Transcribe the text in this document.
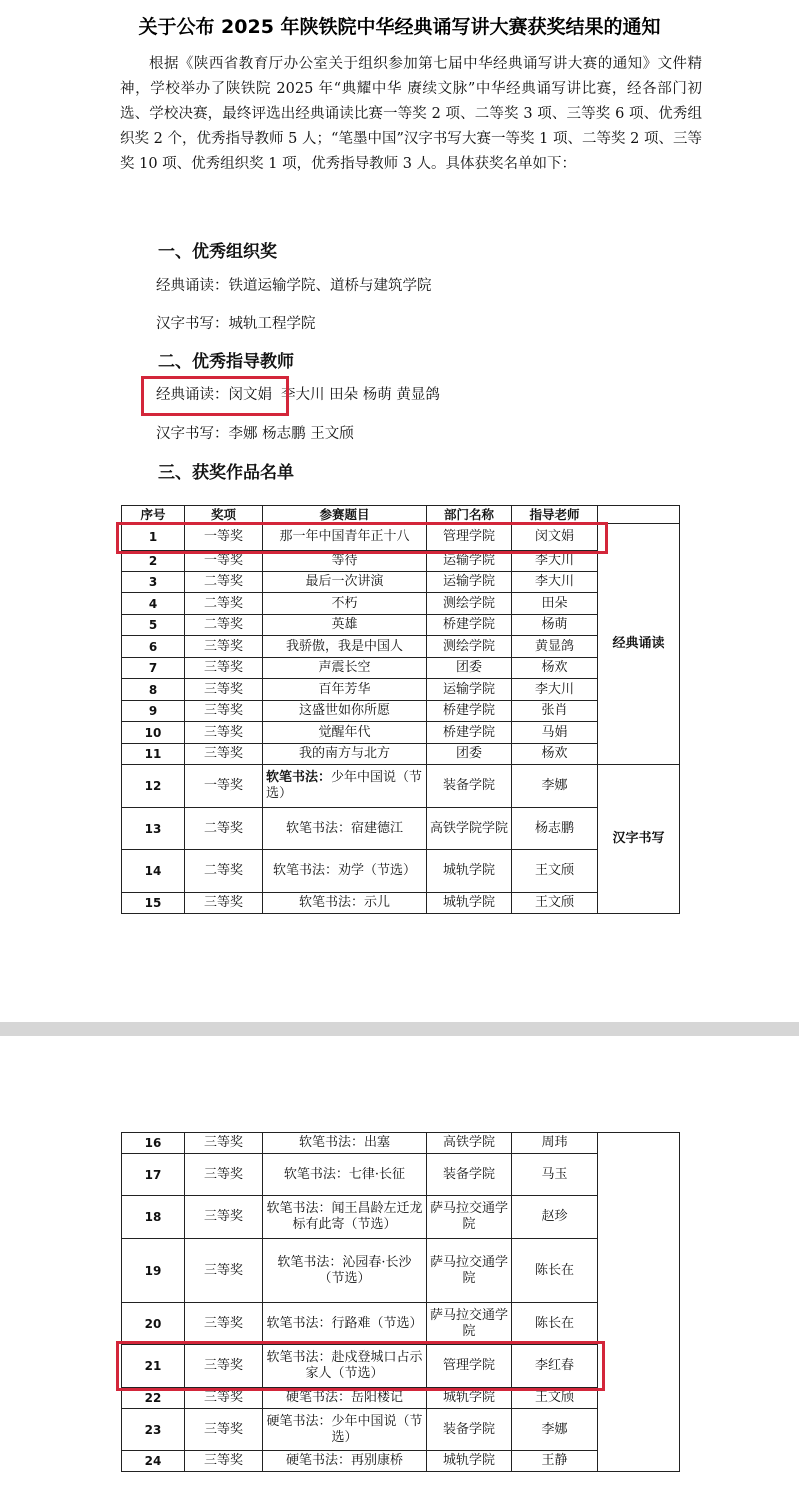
关于公布 2025 年陕铁院中华经典诵写讲大赛获奖结果的通知

根据《陕西省教育厅办公室关于组织参加第七届中华经典诵写讲大赛的通知》文件精神，学校举办了陕铁院 2025 年“典耀中华 赓续文脉”中华经典诵写讲比赛，经各部门初选、学校决赛，最终评选出经典诵读比赛一等奖 2 项、二等奖 3 项、三等奖 6 项、优秀组织奖 2 个，优秀指导教师 5 人；“笔墨中国”汉字书写大赛一等奖 1 项、二等奖 2 项、三等奖 10 项、优秀组织奖 1 项，优秀指导教师 3 人。具体获奖名单如下：

一、优秀组织奖
经典诵读：铁道运输学院、道桥与建筑学院
汉字书写：城轨工程学院
二、优秀指导教师
经典诵读：闵文娟 李大川 田朵 杨萌 黄显鸽
汉字书写：李娜 杨志鹏 王文颀
三、获奖作品名单
序号	奖项	参赛题目	部门名称	指导老师	
1	一等奖	那一年中国青年正十八	管理学院	闵文娟	经典诵读
2	一等奖	等待	运输学院	李大川	
3	二等奖	最后一次讲演	运输学院	李大川	
4	二等奖	不朽	测绘学院	田朵	
5	二等奖	英雄	桥建学院	杨萌	
6	三等奖	我骄傲，我是中国人	测绘学院	黄显鸽	
7	三等奖	声震长空	团委	杨欢	
8	三等奖	百年芳华	运输学院	李大川	
9	三等奖	这盛世如你所愿	桥建学院	张肖	
10	三等奖	觉醒年代	桥建学院	马娟	
11	三等奖	我的南方与北方	团委	杨欢	
12	一等奖	软笔书法：少年中国说（节选）	装备学院	李娜	汉字书写
13	二等奖	软笔书法：宿建德江	高铁学院学院	杨志鹏	
14	二等奖	软笔书法：劝学（节选）	城轨学院	王文颀	
15	三等奖	软笔书法：示儿	城轨学院	王文颀	
16	三等奖	软笔书法：出塞	高铁学院	周玮	
17	三等奖	软笔书法：七律·长征	装备学院	马玉	
18	三等奖	软笔书法：闻王昌龄左迁龙标有此寄（节选）	萨马拉交通学院	赵珍	
19	三等奖	软笔书法：沁园春·长沙（节选）	萨马拉交通学院	陈长在	
20	三等奖	软笔书法：行路难（节选）	萨马拉交通学院	陈长在	
21	三等奖	软笔书法：赴戍登城口占示家人（节选）	管理学院	李红春	
22	三等奖	硬笔书法：岳阳楼记	城轨学院	王文颀	
23	三等奖	硬笔书法：少年中国说（节选）	装备学院	李娜	
24	三等奖	硬笔书法：再别康桥	城轨学院	王静	
